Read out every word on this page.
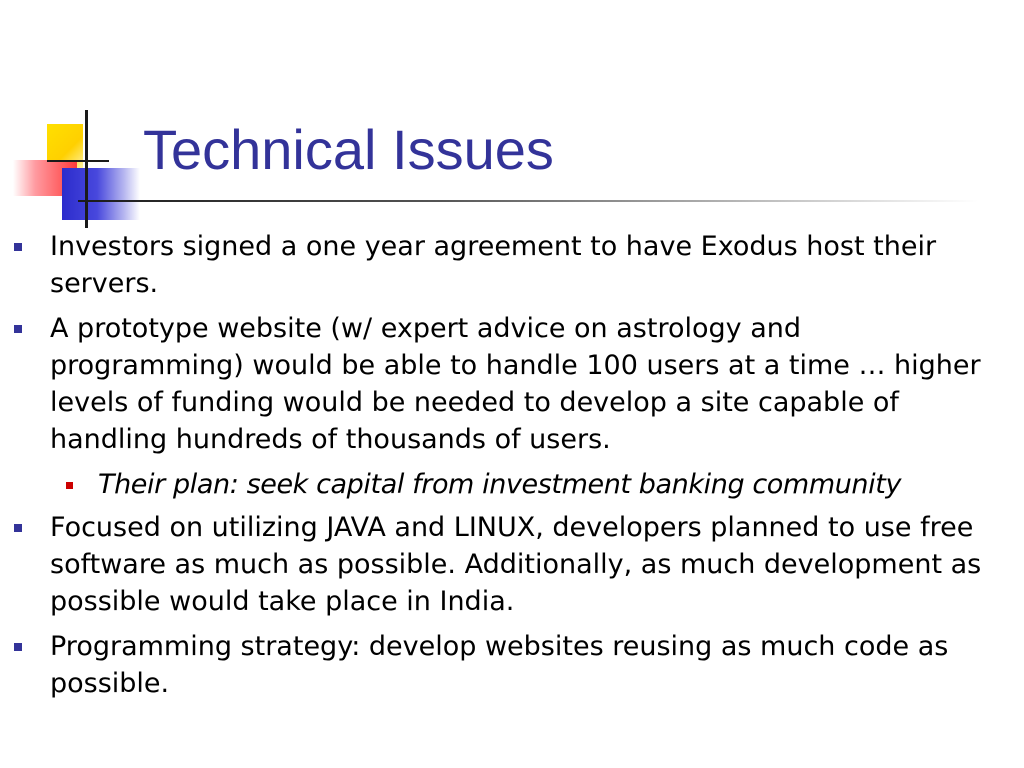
Technical Issues
Investors signed a one year agreement to have Exodus host their servers.
A prototype website (w/ expert advice on astrology and programming) would be able to handle 100 users at a time … higher levels of funding would be needed to develop a site capable of handling hundreds of thousands of users.
Their plan: seek capital from investment banking community
Focused on utilizing JAVA and LINUX, developers planned to use free software as much as possible. Additionally, as much development as possible would take place in India.
Programming strategy: develop websites reusing as much code as possible.
